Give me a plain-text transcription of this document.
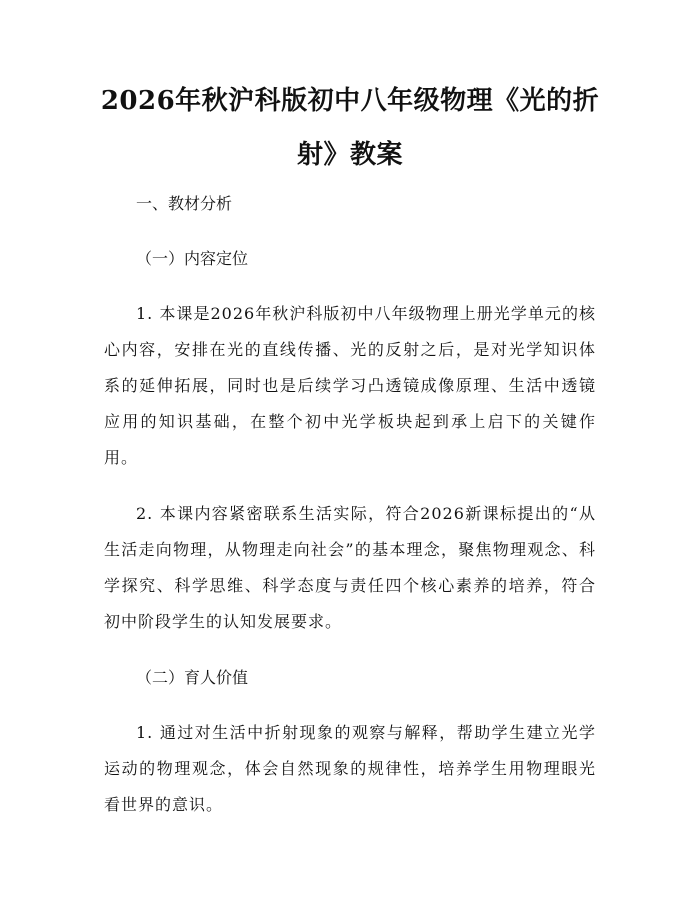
2026年秋沪科版初中八年级物理《光的折射》教案

一、教材分析

（一）内容定位

1. 本课是2026年秋沪科版初中八年级物理上册光学单元的核心内容，安排在光的直线传播、光的反射之后，是对光学知识体系的延伸拓展，同时也是后续学习凸透镜成像原理、生活中透镜应用的知识基础，在整个初中光学板块起到承上启下的关键作用。

2. 本课内容紧密联系生活实际，符合2026新课标提出的“从生活走向物理，从物理走向社会”的基本理念，聚焦物理观念、科学探究、科学思维、科学态度与责任四个核心素养的培养，符合初中阶段学生的认知发展要求。

（二）育人价值

1. 通过对生活中折射现象的观察与解释，帮助学生建立光学运动的物理观念，体会自然现象的规律性，培养学生用物理眼光看世界的意识。
